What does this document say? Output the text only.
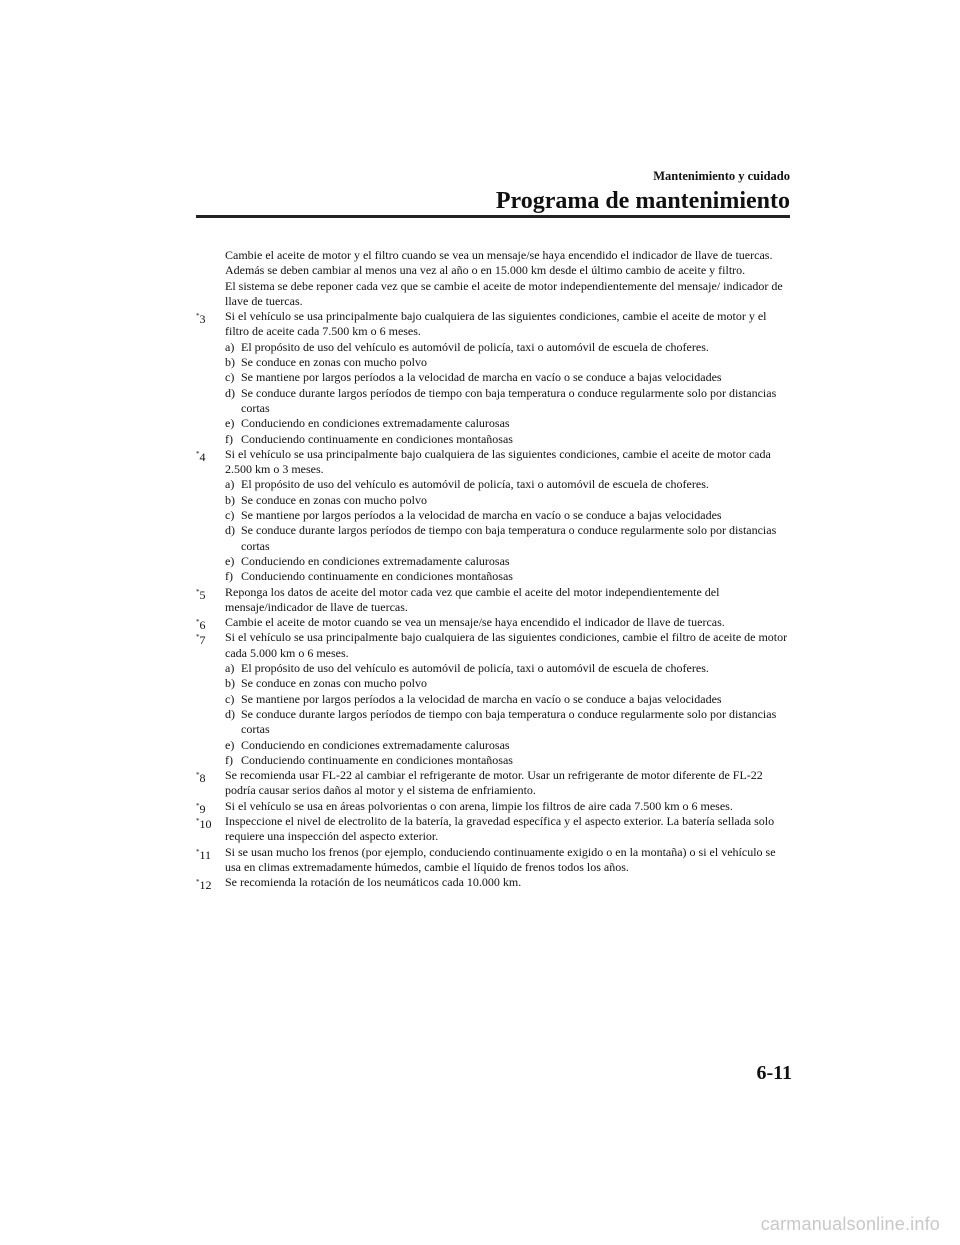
Mantenimiento y cuidado
Programa de mantenimiento

Cambie el aceite de motor y el filtro cuando se vea un mensaje/se haya encendido el indicador de llave de tuercas. Además se deben cambiar al menos una vez al año o en 15.000 km desde el último cambio de aceite y filtro.

El sistema se debe reponer cada vez que se cambie el aceite de motor independientemente del mensaje/ indicador de llave de tuercas.

*3 Si el vehículo se usa principalmente bajo cualquiera de las siguientes condiciones, cambie el aceite de motor y el filtro de aceite cada 7.500 km o 6 meses.

a) El propósito de uso del vehículo es automóvil de policía, taxi o automóvil de escuela de choferes.
b) Se conduce en zonas con mucho polvo
c) Se mantiene por largos períodos a la velocidad de marcha en vacío o se conduce a bajas velocidades
d) Se conduce durante largos períodos de tiempo con baja temperatura o conduce regularmente solo por distancias cortas
e) Conduciendo en condiciones extremadamente calurosas
f) Conduciendo continuamente en condiciones montañosas
*4 Si el vehículo se usa principalmente bajo cualquiera de las siguientes condiciones, cambie el aceite de motor cada 2.500 km o 3 meses.

a) El propósito de uso del vehículo es automóvil de policía, taxi o automóvil de escuela de choferes.
b) Se conduce en zonas con mucho polvo
c) Se mantiene por largos períodos a la velocidad de marcha en vacío o se conduce a bajas velocidades
d) Se conduce durante largos períodos de tiempo con baja temperatura o conduce regularmente solo por distancias cortas
e) Conduciendo en condiciones extremadamente calurosas
f) Conduciendo continuamente en condiciones montañosas
*5 Reponga los datos de aceite del motor cada vez que cambie el aceite del motor independientemente del mensaje/indicador de llave de tuercas.

*6 Cambie el aceite de motor cuando se vea un mensaje/se haya encendido el indicador de llave de tuercas.

*7 Si el vehículo se usa principalmente bajo cualquiera de las siguientes condiciones, cambie el filtro de aceite de motor cada 5.000 km o 6 meses.

a) El propósito de uso del vehículo es automóvil de policía, taxi o automóvil de escuela de choferes.
b) Se conduce en zonas con mucho polvo
c) Se mantiene por largos períodos a la velocidad de marcha en vacío o se conduce a bajas velocidades
d) Se conduce durante largos períodos de tiempo con baja temperatura o conduce regularmente solo por distancias cortas
e) Conduciendo en condiciones extremadamente calurosas
f) Conduciendo continuamente en condiciones montañosas
*8 Se recomienda usar FL-22 al cambiar el refrigerante de motor. Usar un refrigerante de motor diferente de FL-22 podría causar serios daños al motor y el sistema de enfriamiento.

*9 Si el vehículo se usa en áreas polvorientas o con arena, limpie los filtros de aire cada 7.500 km o 6 meses.

*10 Inspeccione el nivel de electrolito de la batería, la gravedad específica y el aspecto exterior. La batería sellada solo requiere una inspección del aspecto exterior.

*11 Si se usan mucho los frenos (por ejemplo, conduciendo continuamente exigido o en la montaña) o si el vehículo se usa en climas extremadamente húmedos, cambie el líquido de frenos todos los años.

*12 Se recomienda la rotación de los neumáticos cada 10.000 km.

6-11
carmanualsonline.info
